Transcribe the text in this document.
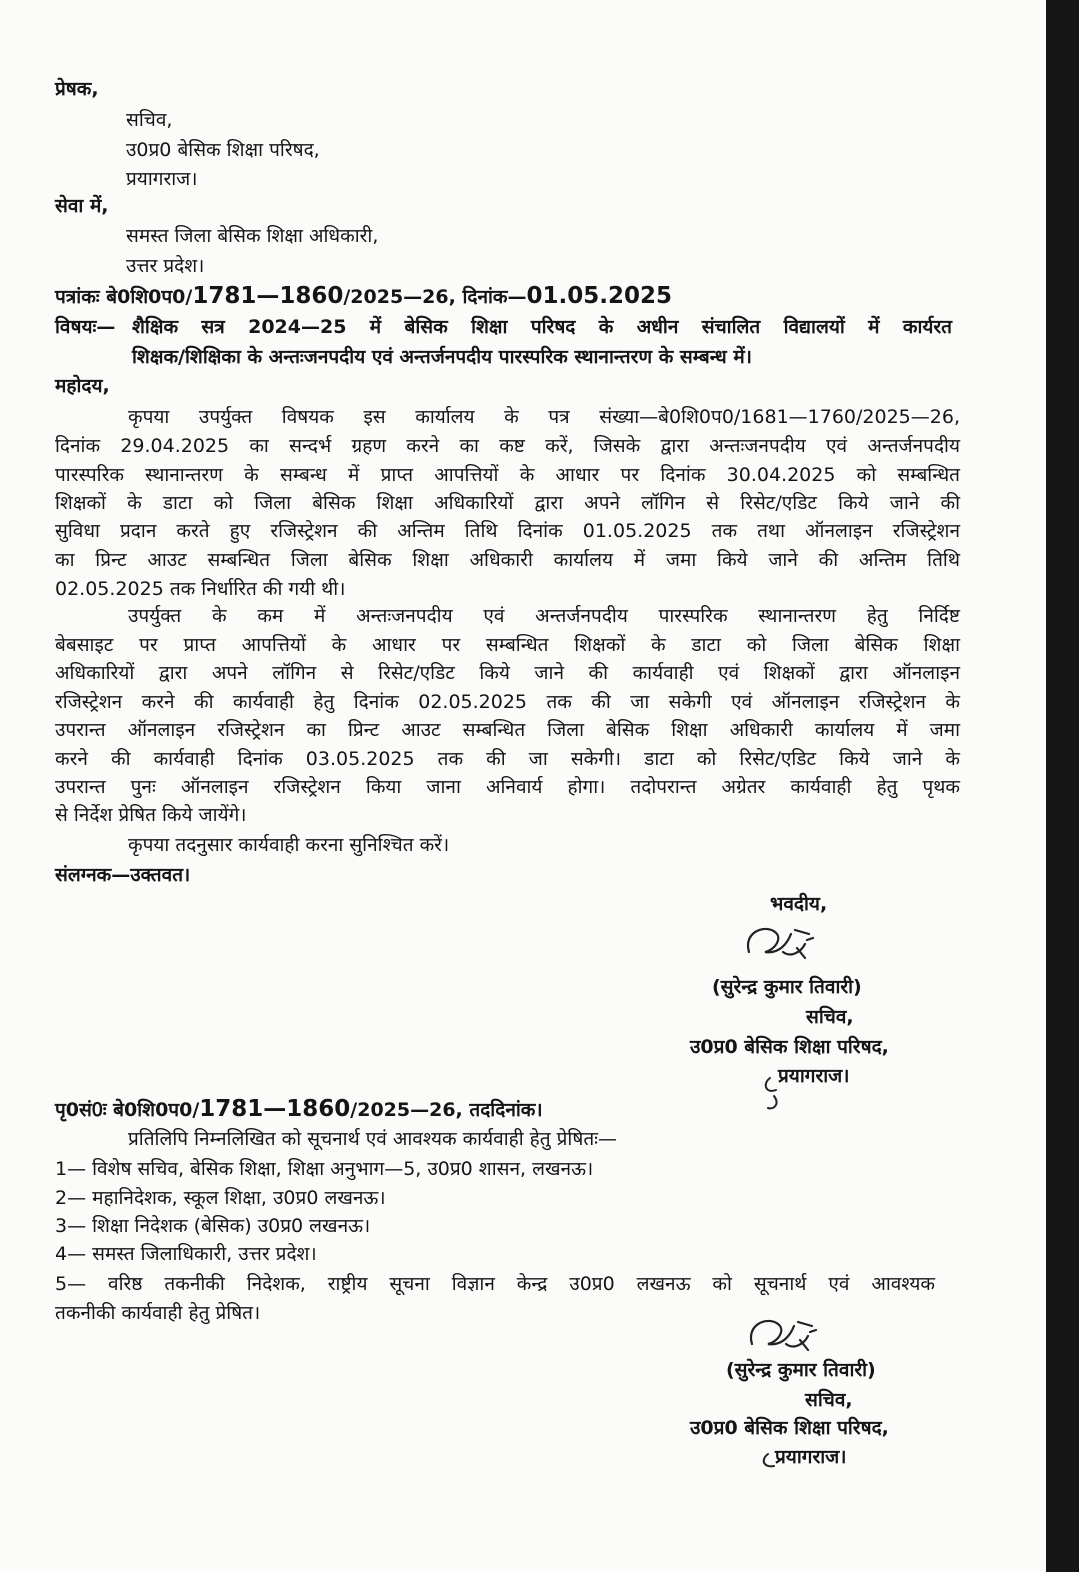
प्रेषक,
सचिव,
उ0प्र0 बेसिक शिक्षा परिषद,
प्रयागराज।
सेवा में,
समस्त जिला बेसिक शिक्षा अधिकारी,
उत्तर प्रदेश।
पत्रांकः बे0शि0प0/1781—1860/2025—26, दिनांक—01.05.2025
विषयः— शैक्षिक सत्र 2024—25 में बेसिक शिक्षा परिषद के अधीन संचालित विद्यालयों में कार्यरत
शिक्षक/शिक्षिका के अन्तःजनपदीय एवं अन्तर्जनपदीय पारस्परिक स्थानान्तरण के सम्बन्ध में।
महोदय,
कृपया उपर्युक्त विषयक इस कार्यालय के पत्र संख्या—बे0शि0प0/1681—1760/2025—26,
दिनांक 29.04.2025 का सन्दर्भ ग्रहण करने का कष्ट करें, जिसके द्वारा अन्तःजनपदीय एवं अन्तर्जनपदीय
पारस्परिक स्थानान्तरण के सम्बन्ध में प्राप्त आपत्तियों के आधार पर दिनांक 30.04.2025 को सम्बन्धित
शिक्षकों के डाटा को जिला बेसिक शिक्षा अधिकारियों द्वारा अपने लॉगिन से रिसेट/एडिट किये जाने की
सुविधा प्रदान करते हुए रजिस्ट्रेशन की अन्तिम तिथि दिनांक 01.05.2025 तक तथा ऑनलाइन रजिस्ट्रेशन
का प्रिन्ट आउट सम्बन्धित जिला बेसिक शिक्षा अधिकारी कार्यालय में जमा किये जाने की अन्तिम तिथि
02.05.2025 तक निर्धारित की गयी थी।
उपर्युक्त के कम में अन्तःजनपदीय एवं अन्तर्जनपदीय पारस्परिक स्थानान्तरण हेतु निर्दिष्ट
बेबसाइट पर प्राप्त आपत्तियों के आधार पर सम्बन्धित शिक्षकों के डाटा को जिला बेसिक शिक्षा
अधिकारियों द्वारा अपने लॉगिन से रिसेट/एडिट किये जाने की कार्यवाही एवं शिक्षकों द्वारा ऑनलाइन
रजिस्ट्रेशन करने की कार्यवाही हेतु दिनांक 02.05.2025 तक की जा सकेगी एवं ऑनलाइन रजिस्ट्रेशन के
उपरान्त ऑनलाइन रजिस्ट्रेशन का प्रिन्ट आउट सम्बन्धित जिला बेसिक शिक्षा अधिकारी कार्यालय में जमा
करने की कार्यवाही दिनांक 03.05.2025 तक की जा सकेगी। डाटा को रिसेट/एडिट किये जाने के
उपरान्त पुनः ऑनलाइन रजिस्ट्रेशन किया जाना अनिवार्य होगा। तदोपरान्त अग्रेतर कार्यवाही हेतु पृथक
से निर्देश प्रेषित किये जायेंगे।
कृपया तदनुसार कार्यवाही करना सुनिश्चित करें।
संलग्नक—उक्तवत।
भवदीय,
(सुरेन्द्र कुमार तिवारी)
सचिव,
उ0प्र0 बेसिक शिक्षा परिषद,
प्रयागराज।
पृ0सं0ः बे0शि0प0/1781—1860/2025—26, तददिनांक।
प्रतिलिपि निम्नलिखित को सूचनार्थ एवं आवश्यक कार्यवाही हेतु प्रेषितः—
1— विशेष सचिव, बेसिक शिक्षा, शिक्षा अनुभाग—5, उ0प्र0 शासन, लखनऊ।
2— महानिदेशक, स्कूल शिक्षा, उ0प्र0 लखनऊ।
3— शिक्षा निदेशक (बेसिक) उ0प्र0 लखनऊ।
4— समस्त जिलाधिकारी, उत्तर प्रदेश।
5— वरिष्ठ तकनीकी निदेशक, राष्ट्रीय सूचना विज्ञान केन्द्र उ0प्र0 लखनऊ को सूचनार्थ एवं आवश्यक
तकनीकी कार्यवाही हेतु प्रेषित।
(सुरेन्द्र कुमार तिवारी)
सचिव,
उ0प्र0 बेसिक शिक्षा परिषद,
प्रयागराज।
